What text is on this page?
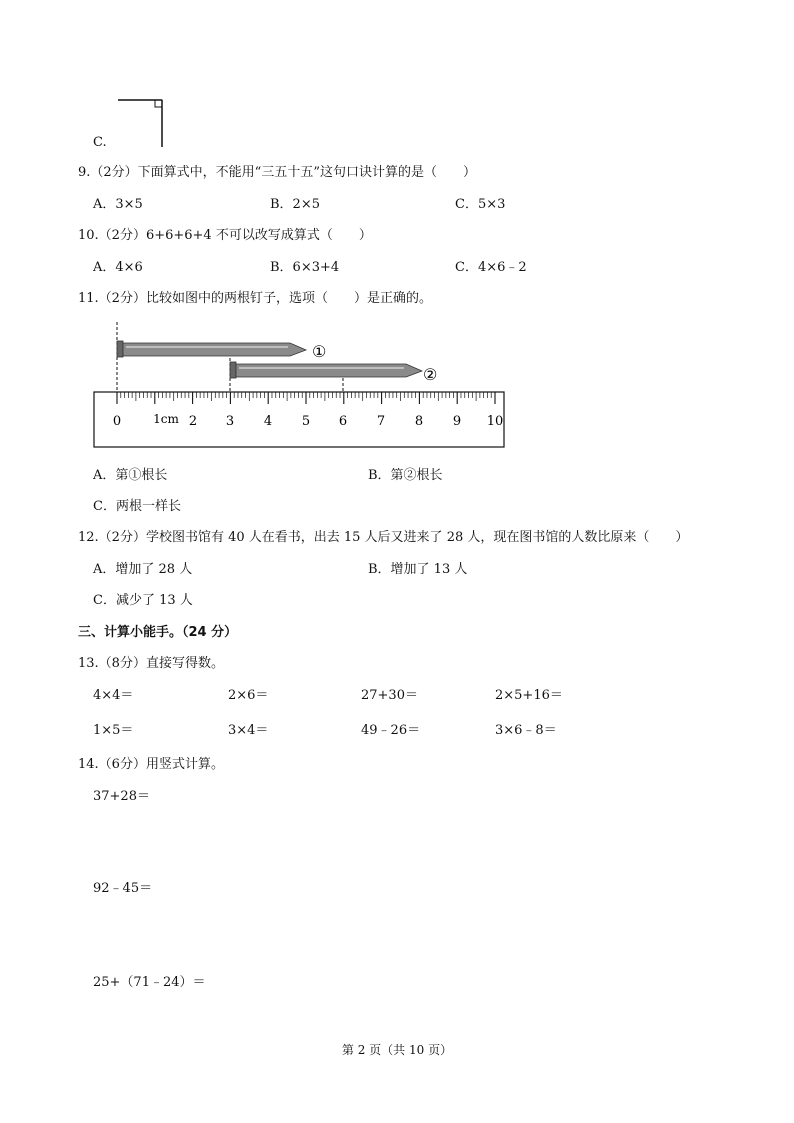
C.
9.（2分）下面算式中，不能用“三五十五”这句口诀计算的是（　　）
A．3×5	B．2×5	C．5×3
10.（2分）6+6+6+4 不可以改写成算式（　　）
A．4×6	B．6×3+4	C．4×6﹣2
11.（2分）比较如图中的两根钉子，选项（　　）是正确的。
①
②
0	1cm 2 3 4 5 6 7 8 9 10
A．第①根长	B．第②根长
C．两根一样长
12.（2分）学校图书馆有 40 人在看书，出去 15 人后又进来了 28 人，现在图书馆的人数比原来（　　）
A．增加了 28 人	B．增加了 13 人
C．减少了 13 人
三、计算小能手。（24 分）
13.（8分）直接写得数。
4×4＝	2×6＝	27+30＝	2×5+16＝
1×5＝	3×4＝	49﹣26＝	3×6﹣8＝
14.（6分）用竖式计算。
37+28＝
92﹣45＝
25+（71﹣24）＝
第 2 页（共 10 页）
